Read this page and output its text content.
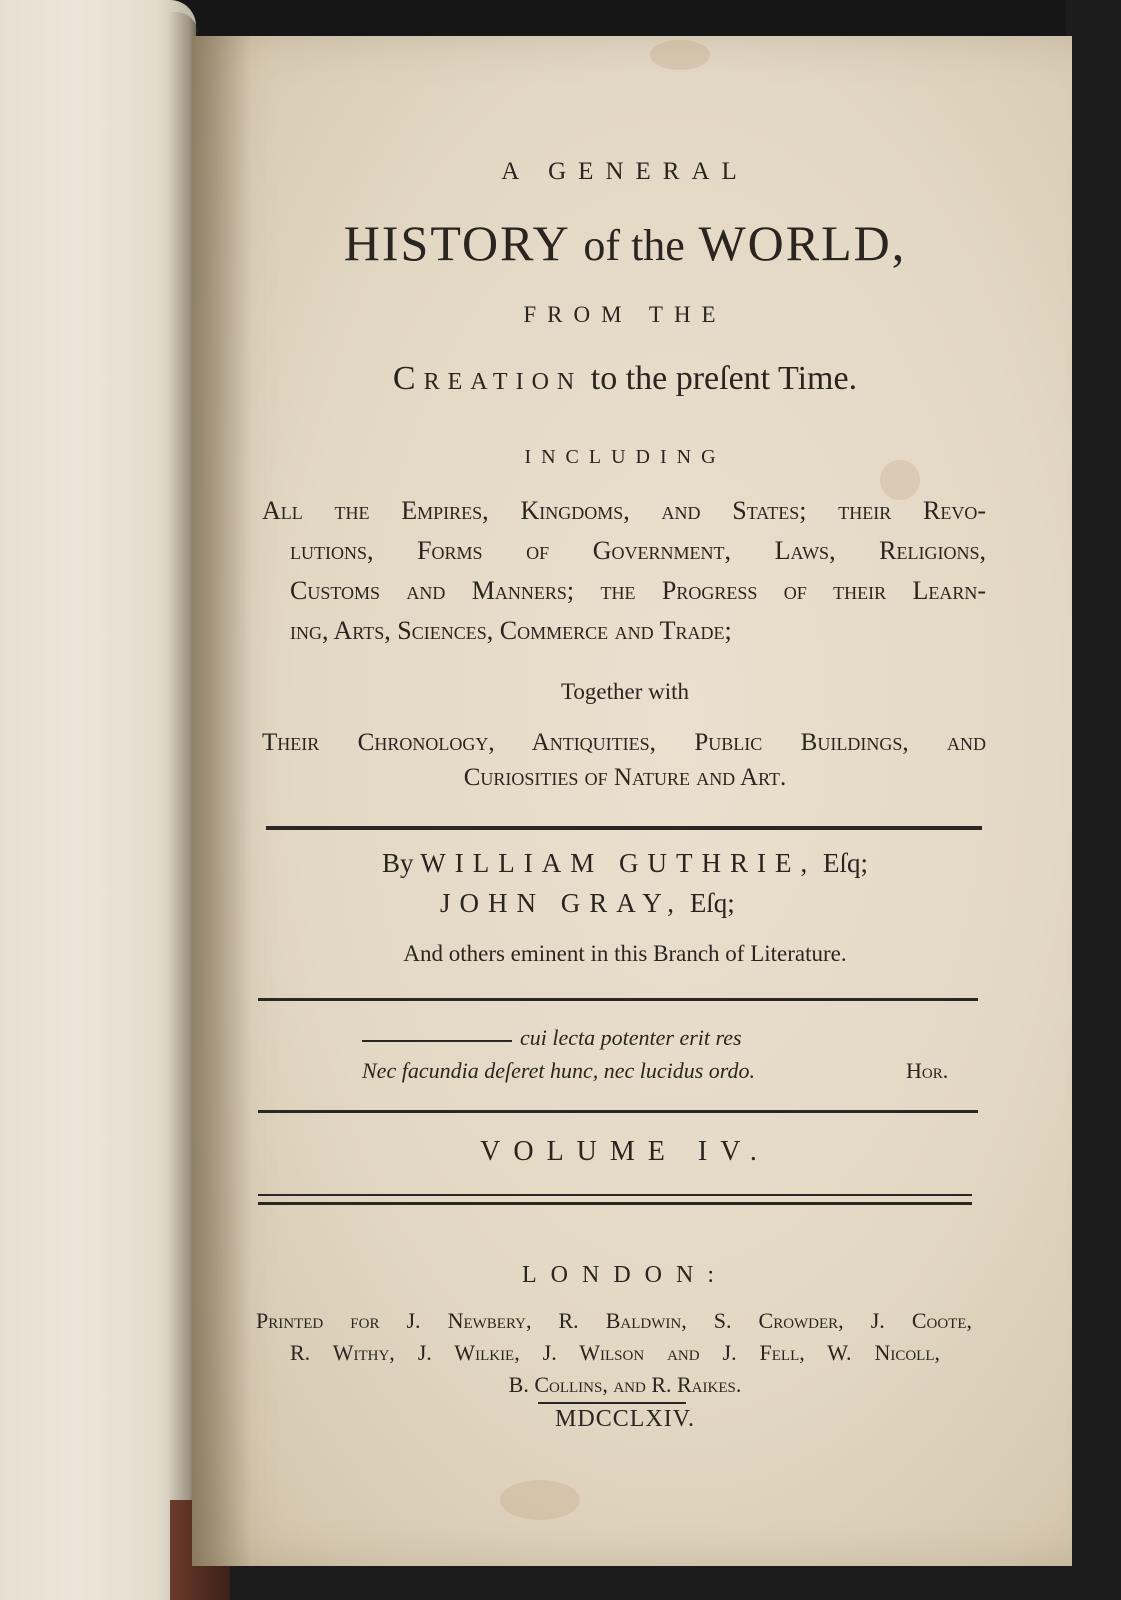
A GENERAL
HISTORY of the WORLD,
FROM THE
Creation to the preſent Time.
INCLUDING
All the Empires, Kingdoms, and States; their Revo-
lutions, Forms of Government, Laws, Religions,
Customs and Manners; the Progress of their Learn-
ing, Arts, Sciences, Commerce and Trade;
Together with
Their Chronology, Antiquities, Public Buildings, and
Curiosities of Nature and Art.
By WILLIAM GUTHRIE, Eſq;
JOHN GRAY, Eſq;
And others eminent in this Branch of Literature.
cui lecta potenter erit res
Nec facundia deſeret hunc, nec lucidus ordo.	Hor.
VOLUME IV.
LONDON:
Printed for J. Newbery, R. Baldwin, S. Crowder, J. Coote,
R. Withy, J. Wilkie, J. Wilson and J. Fell, W. Nicoll,
B. Collins, and R. Raikes.
MDCCLXIV.
